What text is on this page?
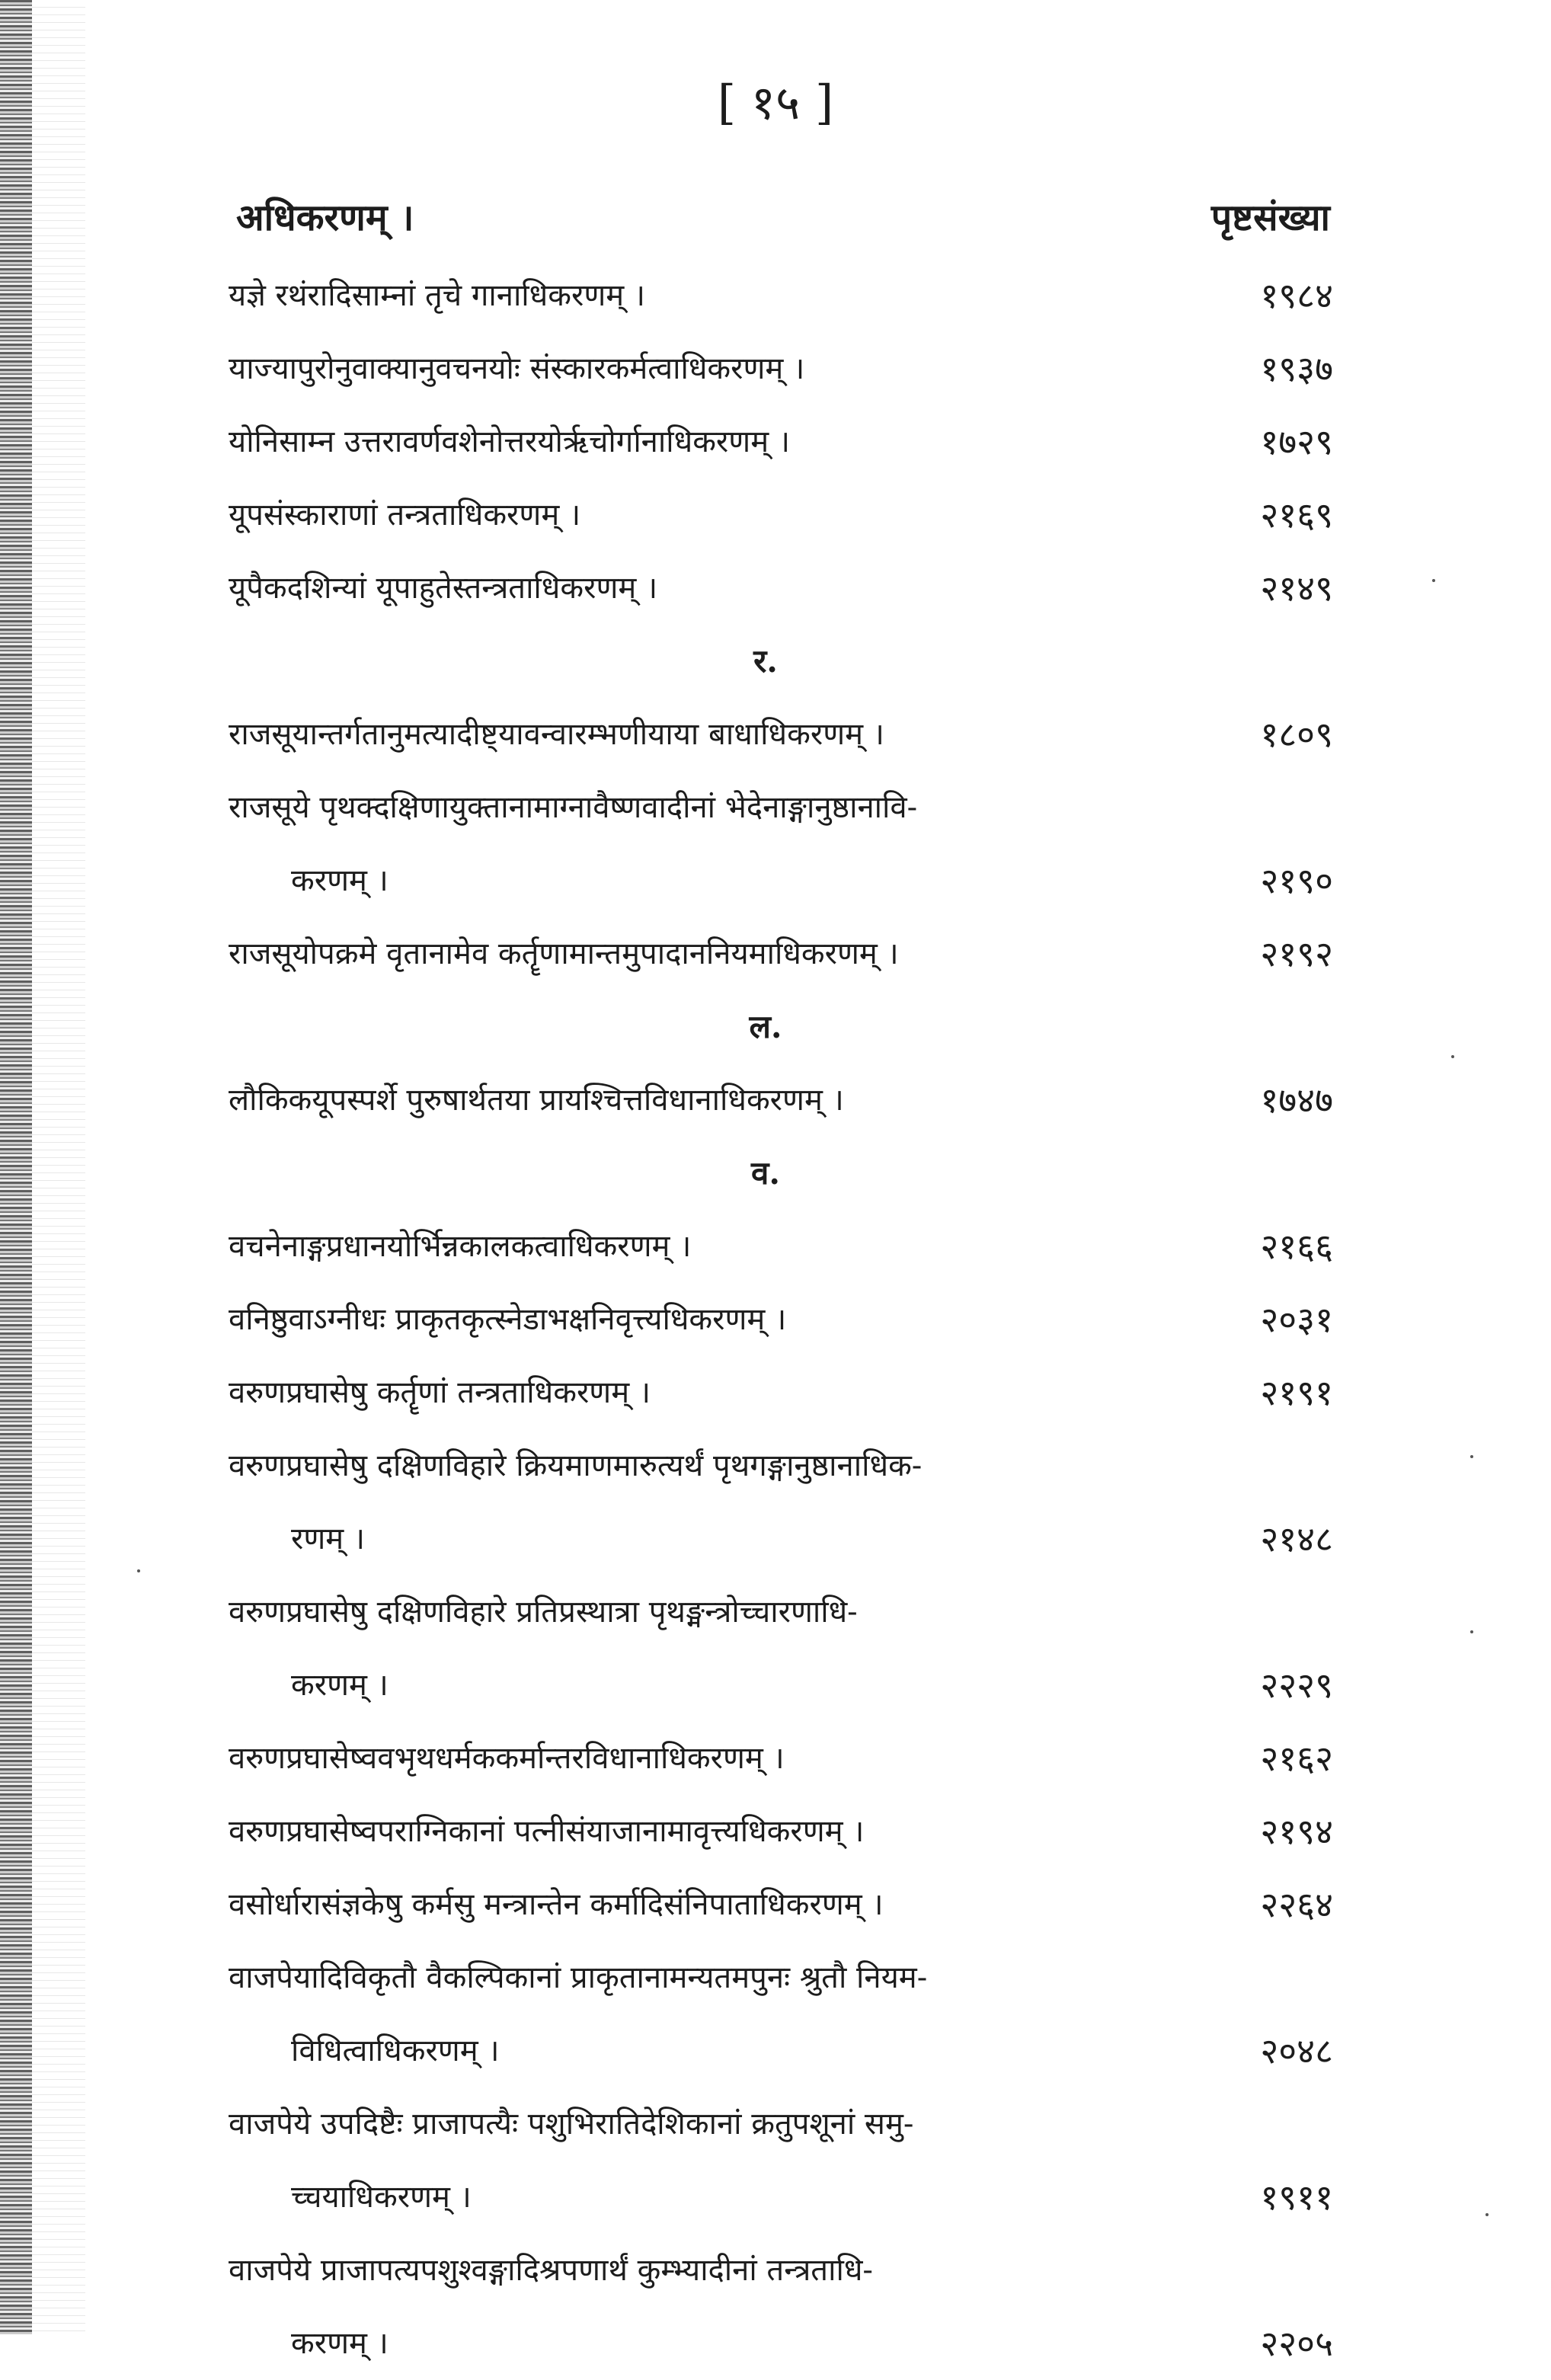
[ १५ ]
अधिकरणम् ।	पृष्टसंख्या
यज्ञे रथंरादिसाम्नां तृचे गानाधिकरणम् ।	१९८४
याज्यापुरोनुवाक्यानुवचनयोः संस्कारकर्मत्वाधिकरणम् ।	१९३७
योनिसाम्न उत्तरावर्णवशेनोत्तरयोर्ऋचोर्गानाधिकरणम् ।	१७२९
यूपसंस्काराणां तन्त्रताधिकरणम् ।	२१६९
यूपैकदशिन्यां यूपाहुतेस्तन्त्रताधिकरणम् ।	२१४९
र.
राजसूयान्तर्गतानुमत्यादीष्ट्यावन्वारम्भणीयाया बाधाधिकरणम् ।	१८०९
राजसूये पृथक्दक्षिणायुक्तानामाग्नावैष्णवादीनां भेदेनाङ्गानुष्ठानावि-
करणम् ।	२१९०
राजसूयोपक्रमे वृतानामेव कर्तॄणामान्तमुपादाननियमाधिकरणम् ।	२१९२
ल.
लौकिकयूपस्पर्शे पुरुषार्थतया प्रायश्चित्तविधानाधिकरणम् ।	१७४७
व.
वचनेनाङ्गप्रधानयोर्भिन्नकालकत्वाधिकरणम् ।	२१६६
वनिष्ठुवाऽग्नीधः प्राकृतकृत्स्नेडाभक्षनिवृत्त्यधिकरणम् ।	२०३१
वरुणप्रघासेषु कर्तॄणां तन्त्रताधिकरणम् ।	२१९१
वरुणप्रघासेषु दक्षिणविहारे क्रियमाणमारुत्यर्थं पृथगङ्गानुष्ठानाधिक-
रणम् ।	२१४८
वरुणप्रघासेषु दक्षिणविहारे प्रतिप्रस्थात्रा पृथङ्मन्त्रोच्चारणाधि-
करणम् ।	२२२९
वरुणप्रघासेष्ववभृथधर्मककर्मान्तरविधानाधिकरणम् ।	२१६२
वरुणप्रघासेष्वपराग्निकानां पत्नीसंयाजानामावृत्त्यधिकरणम् ।	२१९४
वसोर्धारासंज्ञकेषु कर्मसु मन्त्रान्तेन कर्मादिसंनिपाताधिकरणम् ।	२२६४
वाजपेयादिविकृतौ वैकल्पिकानां प्राकृतानामन्यतमपुनः श्रुतौ नियम-
विधित्वाधिकरणम् ।	२०४८
वाजपेये उपदिष्टैः प्राजापत्यैः पशुभिरातिदेशिकानां क्रतुपशूनां समु-
च्चयाधिकरणम् ।	१९११
वाजपेये प्राजापत्यपशुश्वङ्गादिश्रपणार्थं कुम्भ्यादीनां तन्त्रताधि-
करणम् ।	२२०५
